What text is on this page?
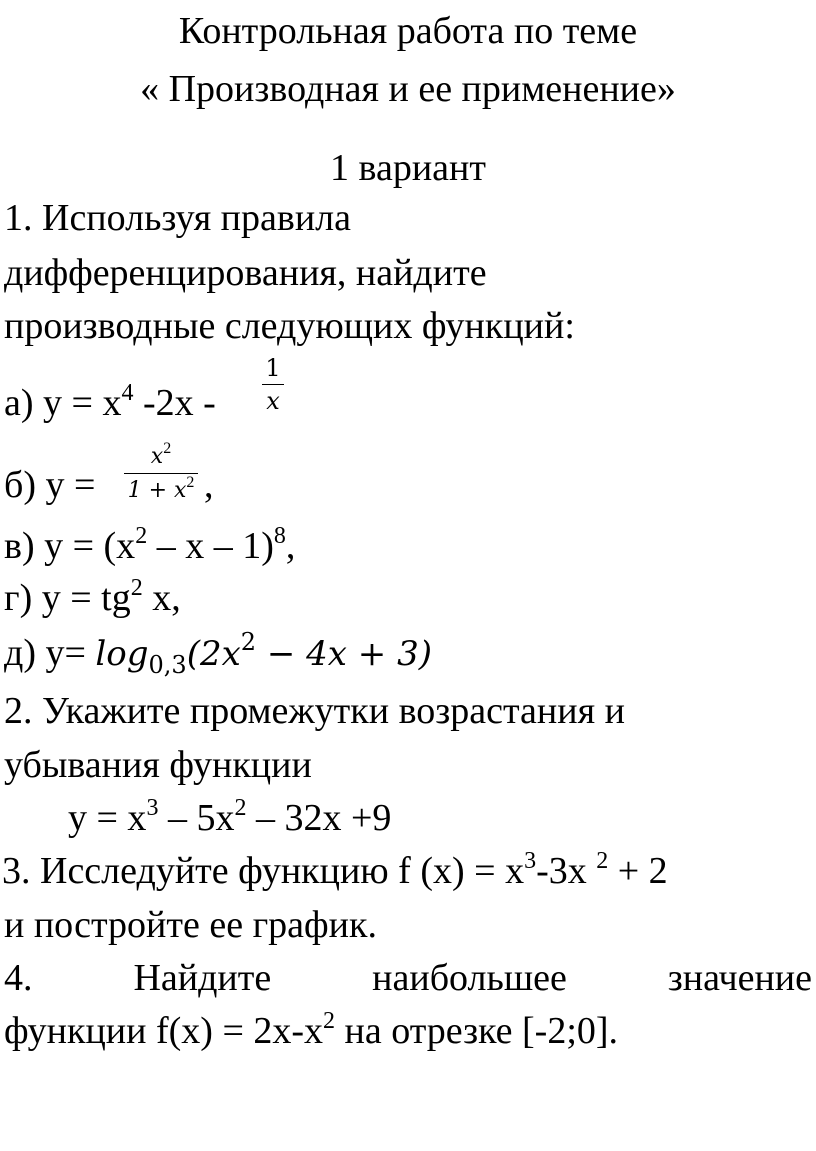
Контрольная работа по теме
« Производная и ее применение»
1 вариант
1. Используя правила
дифференцирования, найдите
производные следующих функций:
а) $у = х^4$ -2х -
1
x
б) у =
$x^2$
$1 + x^2$ ,
в) $у = (х^2 - х - 1)^8$,
г) $у = tg^2$ x,
д) $у= \log_{0,3}(2x^2 - 4x + 3)$
2. Укажите промежутки возрастания и
убывания функции
$у = х^3 - 5х^2 - 32х +9$
3. Исследуйте функцию f $(x) = x^3-3x$ $^2$ + 2
и постройте ее график.
4.	Найдите	наибольшее	значение
функции $f(x) = 2x-x^2$ на отрезке [-2;0].
